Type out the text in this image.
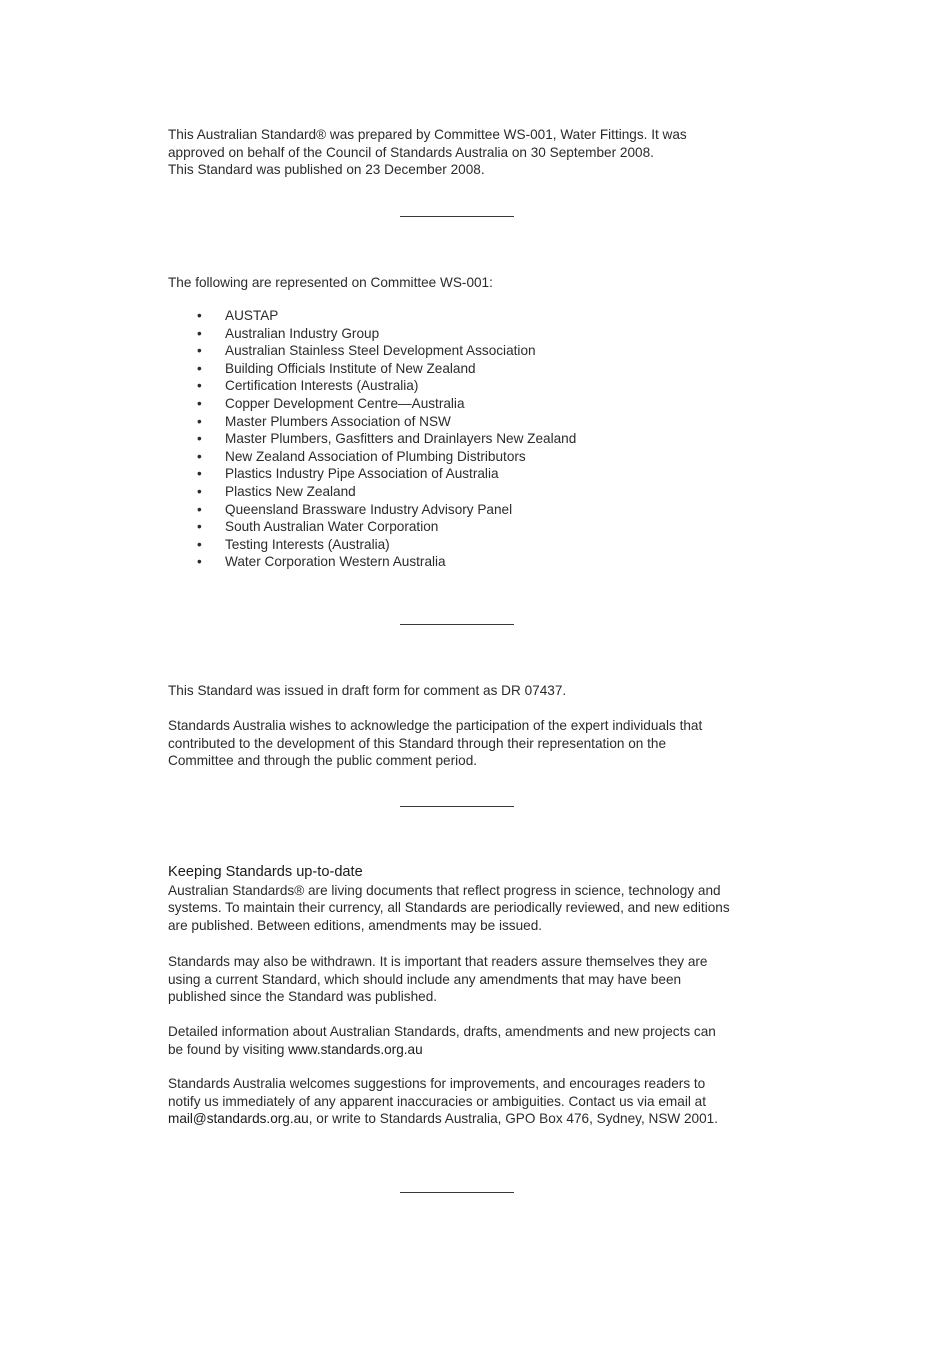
This Australian Standard® was prepared by Committee WS-001, Water Fittings. It was

approved on behalf of the Council of Standards Australia on 30 September 2008.

This Standard was published on 23 December 2008.

The following are represented on Committee WS-001:

• AUSTAP
• Australian Industry Group
• Australian Stainless Steel Development Association
• Building Officials Institute of New Zealand
• Certification Interests (Australia)
• Copper Development Centre—Australia
• Master Plumbers Association of NSW
• Master Plumbers, Gasfitters and Drainlayers New Zealand
• New Zealand Association of Plumbing Distributors
• Plastics Industry Pipe Association of Australia
• Plastics New Zealand
• Queensland Brassware Industry Advisory Panel
• South Australian Water Corporation
• Testing Interests (Australia)
• Water Corporation Western Australia

This Standard was issued in draft form for comment as DR 07437.

Standards Australia wishes to acknowledge the participation of the expert individuals that

contributed to the development of this Standard through their representation on the

Committee and through the public comment period.

Keeping Standards up-to-date

Australian Standards® are living documents that reflect progress in science, technology and

systems. To maintain their currency, all Standards are periodically reviewed, and new editions

are published. Between editions, amendments may be issued.

Standards may also be withdrawn. It is important that readers assure themselves they are

using a current Standard, which should include any amendments that may have been

published since the Standard was published.

Detailed information about Australian Standards, drafts, amendments and new projects can

be found by visiting www.standards.org.au

Standards Australia welcomes suggestions for improvements, and encourages readers to

notify us immediately of any apparent inaccuracies or ambiguities. Contact us via email at

mail@standards.org.au, or write to Standards Australia, GPO Box 476, Sydney, NSW 2001.
